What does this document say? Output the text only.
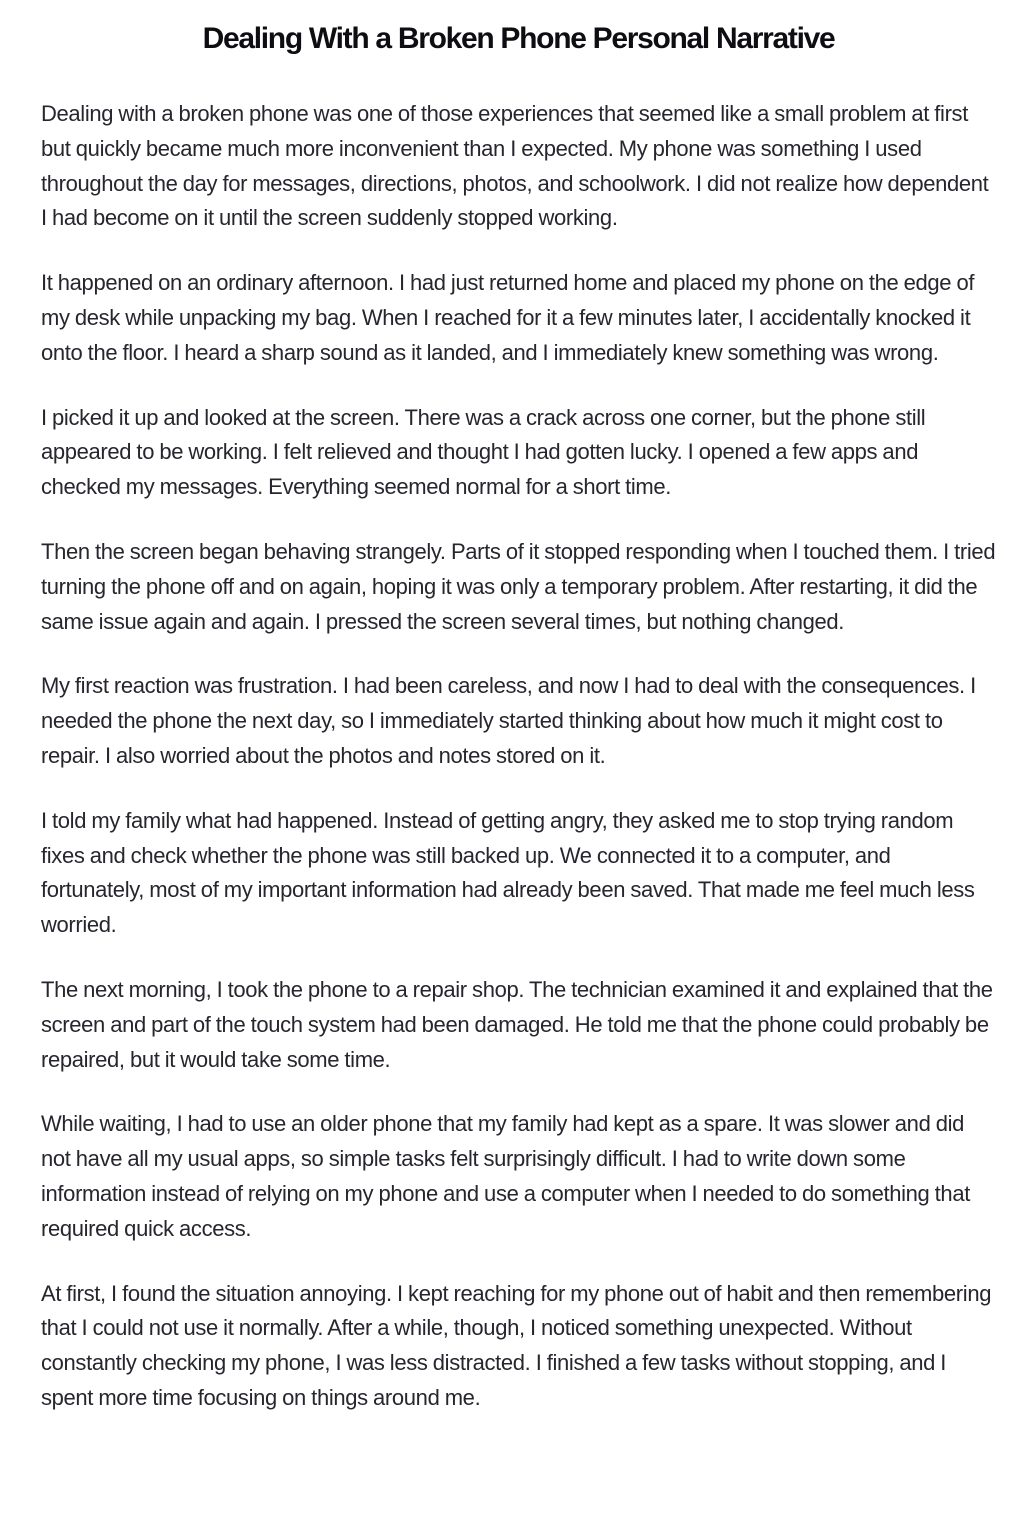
Dealing With a Broken Phone Personal Narrative

Dealing with a broken phone was one of those experiences that seemed like a small problem at first but quickly became much more inconvenient than I expected. My phone was something I used throughout the day for messages, directions, photos, and schoolwork. I did not realize how dependent I had become on it until the screen suddenly stopped working.

It happened on an ordinary afternoon. I had just returned home and placed my phone on the edge of my desk while unpacking my bag. When I reached for it a few minutes later, I accidentally knocked it onto the floor. I heard a sharp sound as it landed, and I immediately knew something was wrong.

I picked it up and looked at the screen. There was a crack across one corner, but the phone still appeared to be working. I felt relieved and thought I had gotten lucky. I opened a few apps and checked my messages. Everything seemed normal for a short time.

Then the screen began behaving strangely. Parts of it stopped responding when I touched them. I tried turning the phone off and on again, hoping it was only a temporary problem. After restarting, it did the same issue again and again. I pressed the screen several times, but nothing changed.

My first reaction was frustration. I had been careless, and now I had to deal with the consequences. I needed the phone the next day, so I immediately started thinking about how much it might cost to repair. I also worried about the photos and notes stored on it.

I told my family what had happened. Instead of getting angry, they asked me to stop trying random fixes and check whether the phone was still backed up. We connected it to a computer, and fortunately, most of my important information had already been saved. That made me feel much less worried.

The next morning, I took the phone to a repair shop. The technician examined it and explained that the screen and part of the touch system had been damaged. He told me that the phone could probably be repaired, but it would take some time.

While waiting, I had to use an older phone that my family had kept as a spare. It was slower and did not have all my usual apps, so simple tasks felt surprisingly difficult. I had to write down some information instead of relying on my phone and use a computer when I needed to do something that required quick access.

At first, I found the situation annoying. I kept reaching for my phone out of habit and then remembering that I could not use it normally. After a while, though, I noticed something unexpected. Without constantly checking my phone, I was less distracted. I finished a few tasks without stopping, and I spent more time focusing on things around me.
